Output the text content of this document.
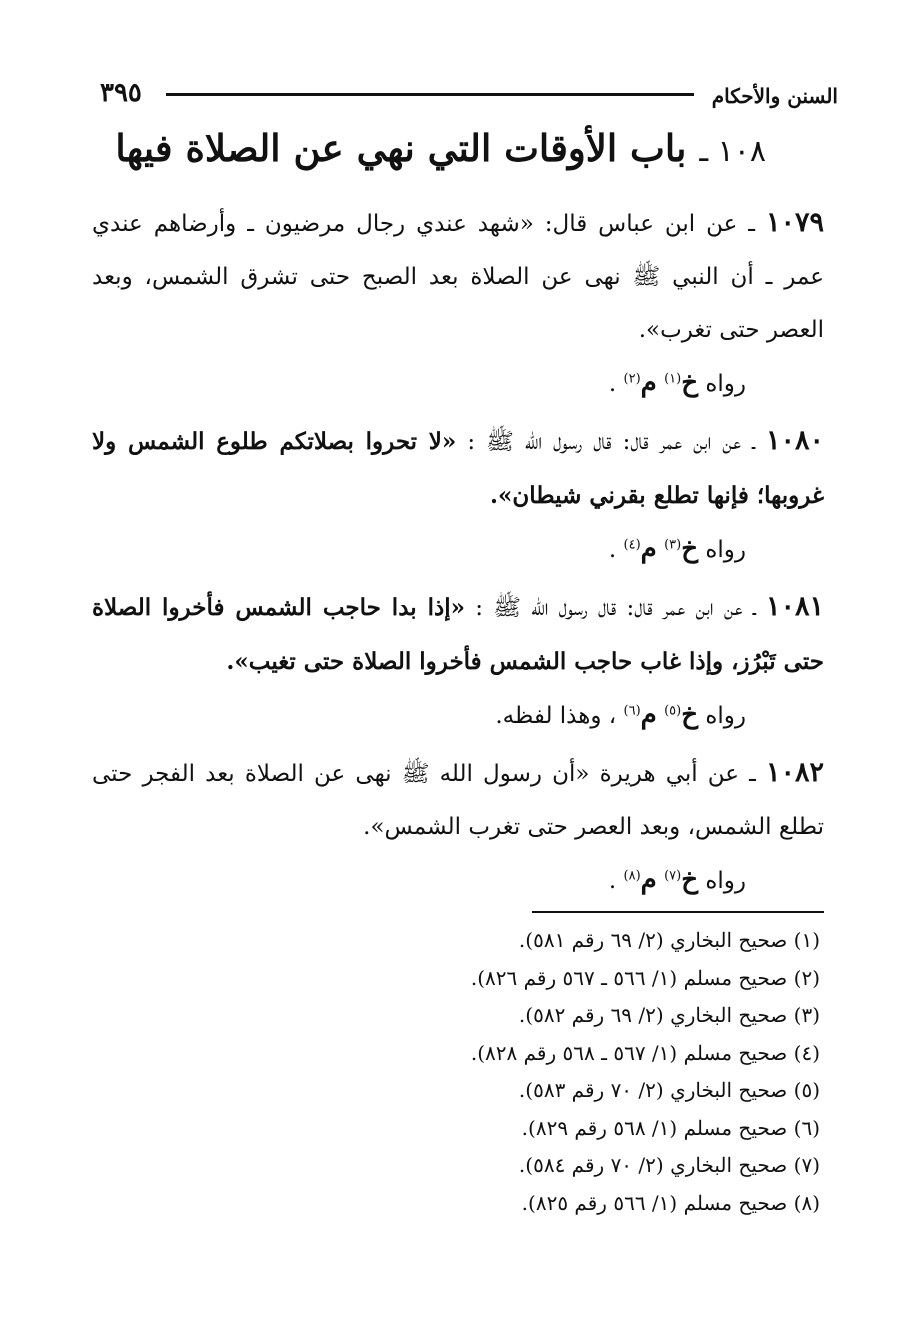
السنن والأحكام
٣٩٥
١٠٨ ـ باب الأوقات التي نهي عن الصلاة فيها
١٠٧٩ ـ عن ابن عباس قال: «شهد عندي رجال مرضيون ـ وأرضاهم عندي عمر ـ أن النبي ﷺ نهى عن الصلاة بعد الصبح حتى تشرق الشمس، وبعد العصر حتى تغرب».
رواه خ$^{(١)}$ م$^{(٢)}$ .
١٠٨٠ ـ عن ابن عمر قال: قال رسول الله ﷺ : «لا تحروا بصلاتكم طلوع الشمس ولا غروبها؛ فإنها تطلع بقرني شيطان».
رواه خ$^{(٣)}$ م$^{(٤)}$ .
١٠٨١ ـ عن ابن عمر قال: قال رسول الله ﷺ : «إذا بدا حاجب الشمس فأخروا الصلاة حتى تَبْرُز، وإذا غاب حاجب الشمس فأخروا الصلاة حتى تغيب».
رواه خ$^{(٥)}$ م$^{(٦)}$ ، وهذا لفظه.
١٠٨٢ ـ عن أبي هريرة «أن رسول الله ﷺ نهى عن الصلاة بعد الفجر حتى تطلع الشمس، وبعد العصر حتى تغرب الشمس».
رواه خ$^{(٧)}$ م$^{(٨)}$ .
(١) صحيح البخاري (٢/ ٦٩ رقم ٥٨١).
(٢) صحيح مسلم (١/ ٥٦٦ ـ ٥٦٧ رقم ٨٢٦).
(٣) صحيح البخاري (٢/ ٦٩ رقم ٥٨٢).
(٤) صحيح مسلم (١/ ٥٦٧ ـ ٥٦٨ رقم ٨٢٨).
(٥) صحيح البخاري (٢/ ٧٠ رقم ٥٨٣).
(٦) صحيح مسلم (١/ ٥٦٨ رقم ٨٢٩).
(٧) صحيح البخاري (٢/ ٧٠ رقم ٥٨٤).
(٨) صحيح مسلم (١/ ٥٦٦ رقم ٨٢٥).
